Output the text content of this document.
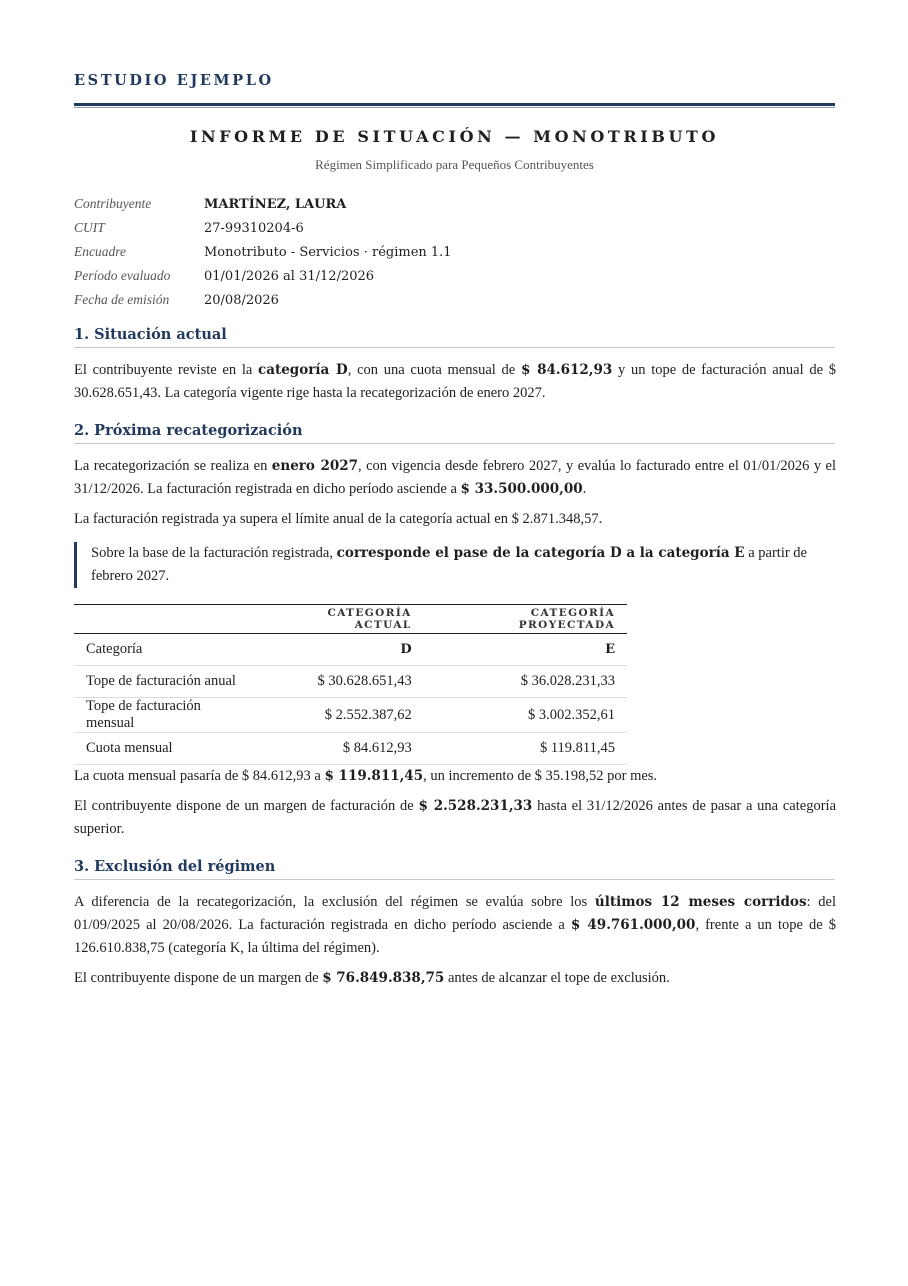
ESTUDIO EJEMPLO
INFORME DE SITUACIÓN — MONOTRIBUTO
Régimen Simplificado para Pequeños Contribuyentes
Contribuyente	MARTÍNEZ, LAURA
CUIT	27-99310204-6
Encuadre	Monotributo - Servicios · régimen 1.1
Período evaluado	01/01/2026 al 31/12/2026
Fecha de emisión	20/08/2026
1. Situación actual
El contribuyente reviste en la categoría D, con una cuota mensual de $ 84.612,93 y un tope de facturación anual de $ 30.628.651,43. La categoría vigente rige hasta la recategorización de enero 2027.
2. Próxima recategorización
La recategorización se realiza en enero 2027, con vigencia desde febrero 2027, y evalúa lo facturado entre el 01/01/2026 y el 31/12/2026. La facturación registrada en dicho período asciende a $ 33.500.000,00.
La facturación registrada ya supera el límite anual de la categoría actual en $ 2.871.348,57.
Sobre la base de la facturación registrada, corresponde el pase de la categoría D a la categoría E a partir de febrero 2027.
	CATEGORÍA ACTUAL	CATEGORÍA PROYECTADA
Categoría	D	E
Tope de facturación anual	$ 30.628.651,43	$ 36.028.231,33
Tope de facturación mensual	$ 2.552.387,62	$ 3.002.352,61
Cuota mensual	$ 84.612,93	$ 119.811,45
La cuota mensual pasaría de $ 84.612,93 a $ 119.811,45, un incremento de $ 35.198,52 por mes.
El contribuyente dispone de un margen de facturación de $ 2.528.231,33 hasta el 31/12/2026 antes de pasar a una categoría superior.
3. Exclusión del régimen
A diferencia de la recategorización, la exclusión del régimen se evalúa sobre los últimos 12 meses corridos: del 01/09/2025 al 20/08/2026. La facturación registrada en dicho período asciende a $ 49.761.000,00, frente a un tope de $ 126.610.838,75 (categoría K, la última del régimen).
El contribuyente dispone de un margen de $ 76.849.838,75 antes de alcanzar el tope de exclusión.
